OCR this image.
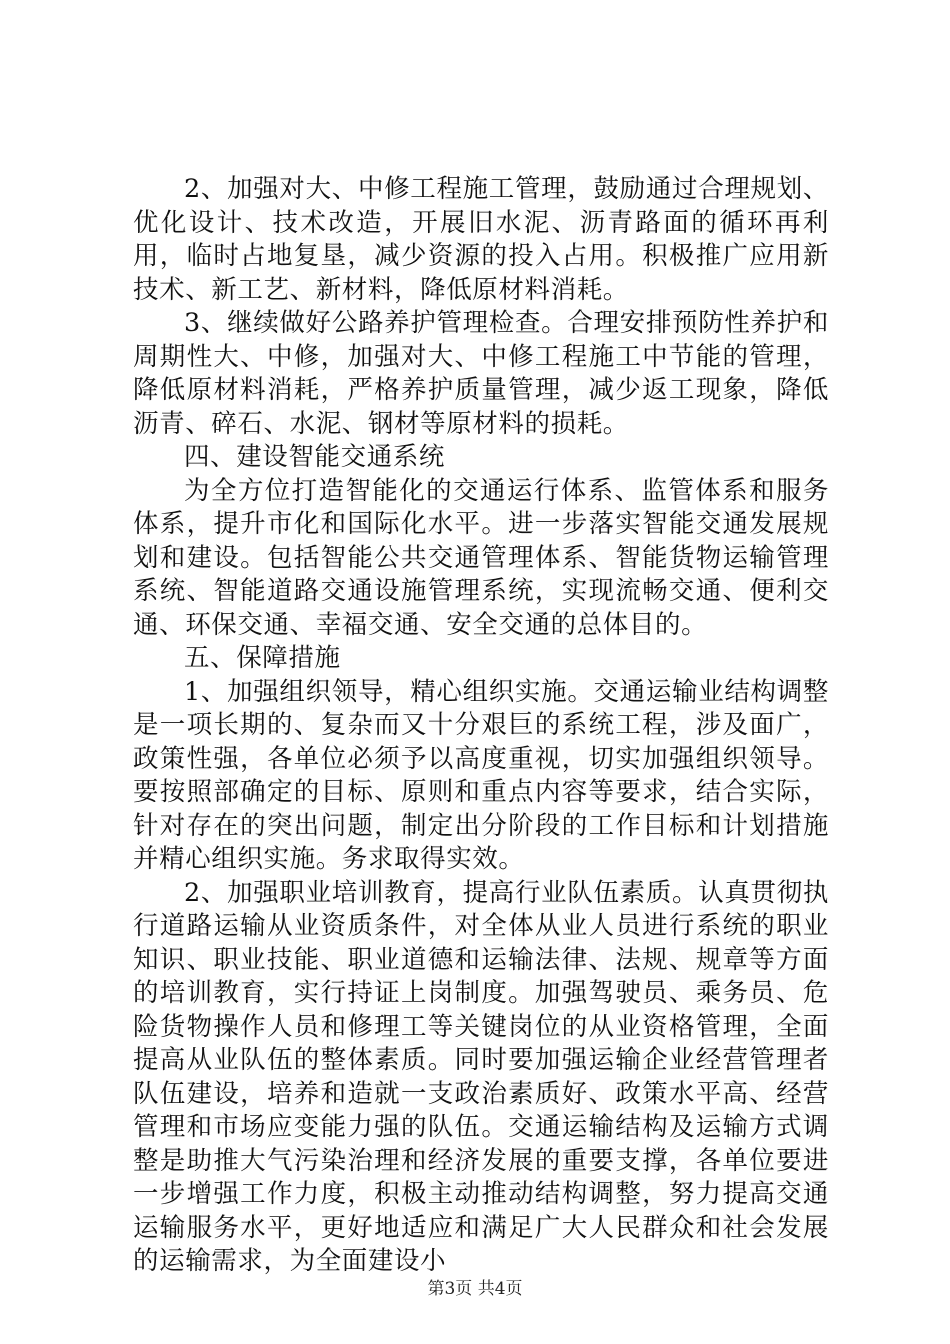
2、加强对大、中修工程施工管理，鼓励通过合理规划、优化设计、技术改造，开展旧水泥、沥青路面的循环再利用，临时占地复垦，减少资源的投入占用。积极推广应用新技术、新工艺、新材料，降低原材料消耗。

3、继续做好公路养护管理检查。合理安排预防性养护和周期性大、中修，加强对大、中修工程施工中节能的管理，降低原材料消耗，严格养护质量管理，减少返工现象，降低沥青、碎石、水泥、钢材等原材料的损耗。

四、建设智能交通系统

为全方位打造智能化的交通运行体系、监管体系和服务体系，提升市化和国际化水平。进一步落实智能交通发展规划和建设。包括智能公共交通管理体系、智能货物运输管理系统、智能道路交通设施管理系统，实现流畅交通、便利交通、环保交通、幸福交通、安全交通的总体目的。

五、保障措施

1、加强组织领导，精心组织实施。交通运输业结构调整是一项长期的、复杂而又十分艰巨的系统工程，涉及面广，政策性强，各单位必须予以高度重视，切实加强组织领导。要按照部确定的目标、原则和重点内容等要求，结合实际，针对存在的突出问题，制定出分阶段的工作目标和计划措施并精心组织实施。务求取得实效。

2、加强职业培训教育，提高行业队伍素质。认真贯彻执行道路运输从业资质条件，对全体从业人员进行系统的职业知识、职业技能、职业道德和运输法律、法规、规章等方面的培训教育，实行持证上岗制度。加强驾驶员、乘务员、危险货物操作人员和修理工等关键岗位的从业资格管理，全面提高从业队伍的整体素质。同时要加强运输企业经营管理者队伍建设，培养和造就一支政治素质好、政策水平高、经营管理和市场应变能力强的队伍。交通运输结构及运输方式调整是助推大气污染治理和经济发展的重要支撑，各单位要进一步增强工作力度，积极主动推动结构调整，努力提高交通运输服务水平，更好地适应和满足广大人民群众和社会发展的运输需求，为全面建设小

第3页 共4页
